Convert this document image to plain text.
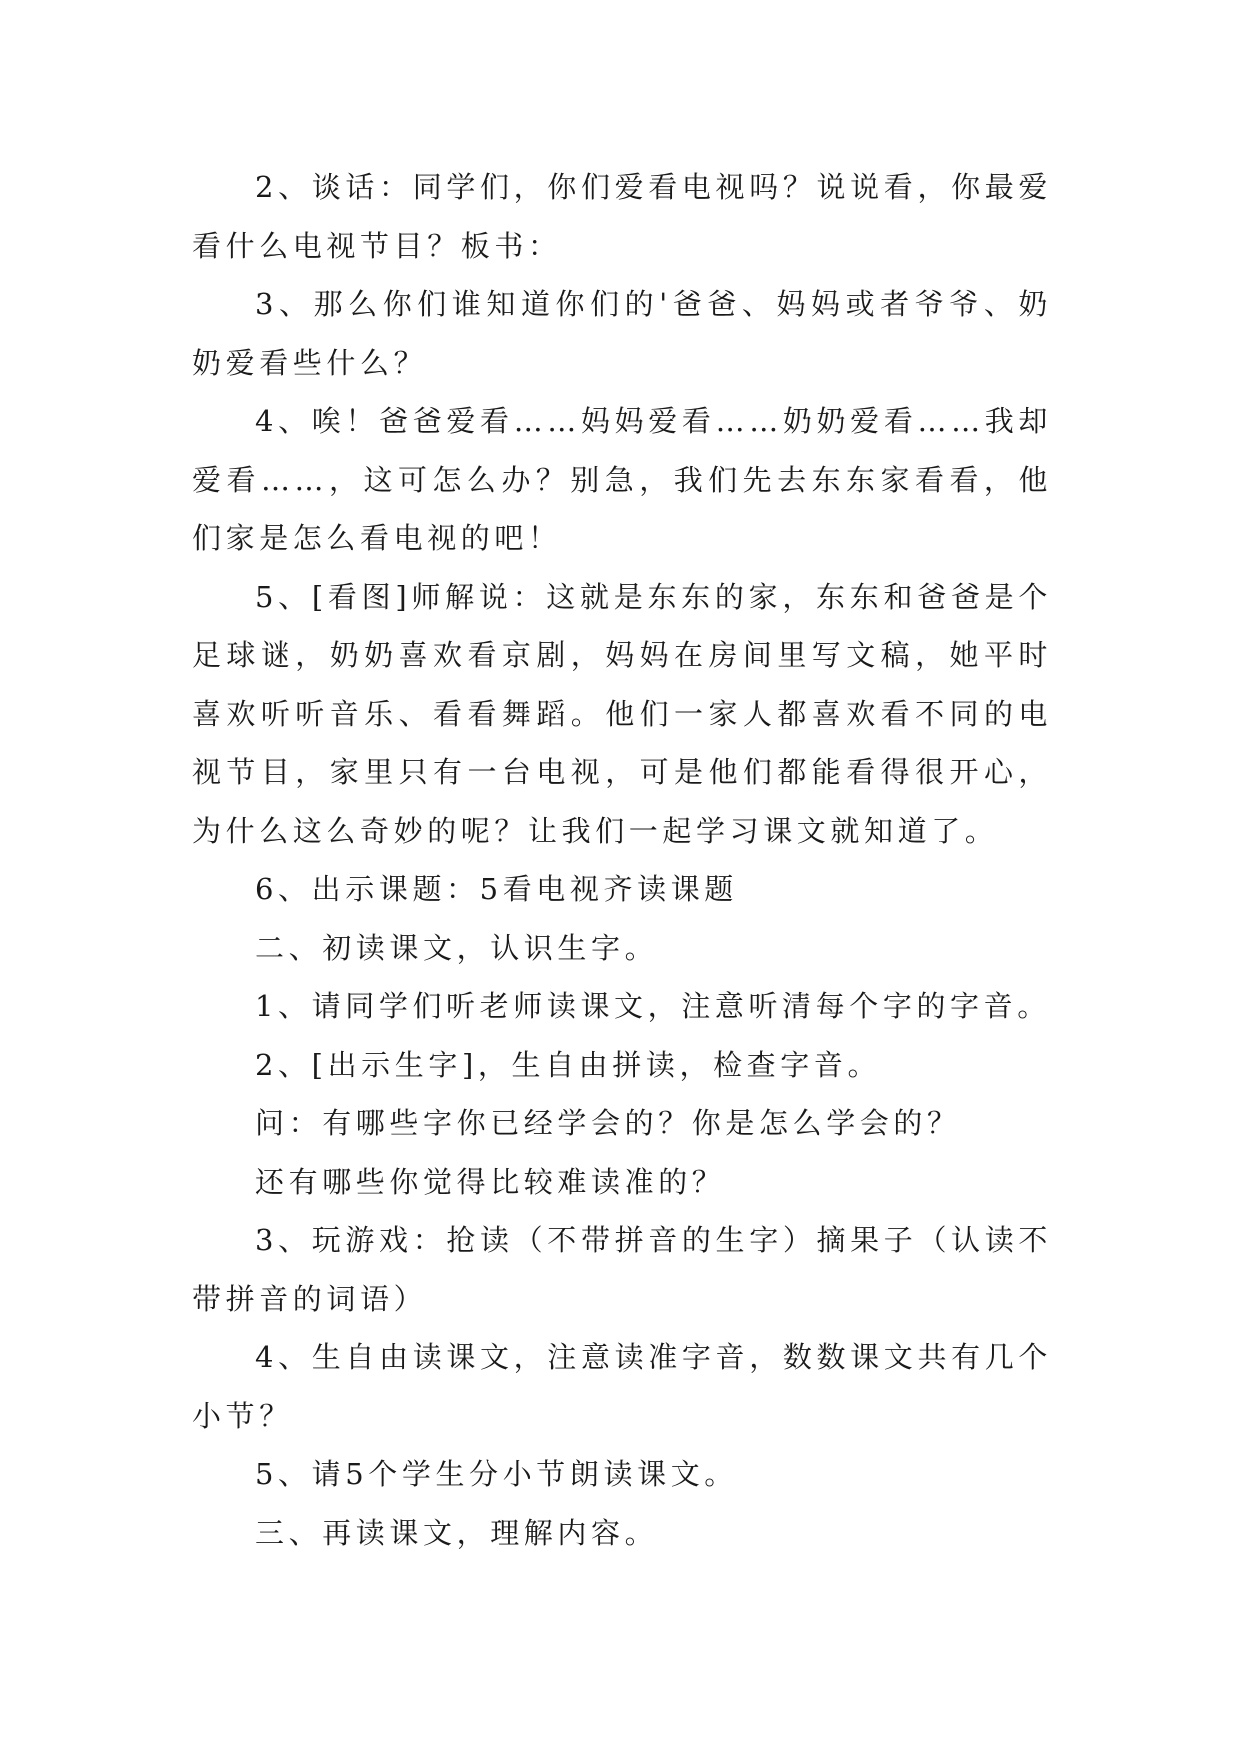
2、谈话：同学们，你们爱看电视吗？说说看，你最爱看什么电视节目？板书：

3、那么你们谁知道你们的'爸爸、妈妈或者爷爷、奶奶爱看些什么？

4、唉！爸爸爱看……妈妈爱看……奶奶爱看……我却爱看……，这可怎么办？别急，我们先去东东家看看，他们家是怎么看电视的吧！

5、[看图]师解说：这就是东东的家，东东和爸爸是个足球谜，奶奶喜欢看京剧，妈妈在房间里写文稿，她平时喜欢听听音乐、看看舞蹈。他们一家人都喜欢看不同的电视节目，家里只有一台电视，可是他们都能看得很开心，为什么这么奇妙的呢？让我们一起学习课文就知道了。

6、出示课题：5看电视齐读课题

二、初读课文，认识生字。

1、请同学们听老师读课文，注意听清每个字的字音。

2、[出示生字]，生自由拼读，检查字音。

问：有哪些字你已经学会的？你是怎么学会的？

还有哪些你觉得比较难读准的？

3、玩游戏：抢读（不带拼音的生字）摘果子（认读不带拼音的词语）

4、生自由读课文，注意读准字音，数数课文共有几个小节？

5、请5个学生分小节朗读课文。

三、再读课文，理解内容。
